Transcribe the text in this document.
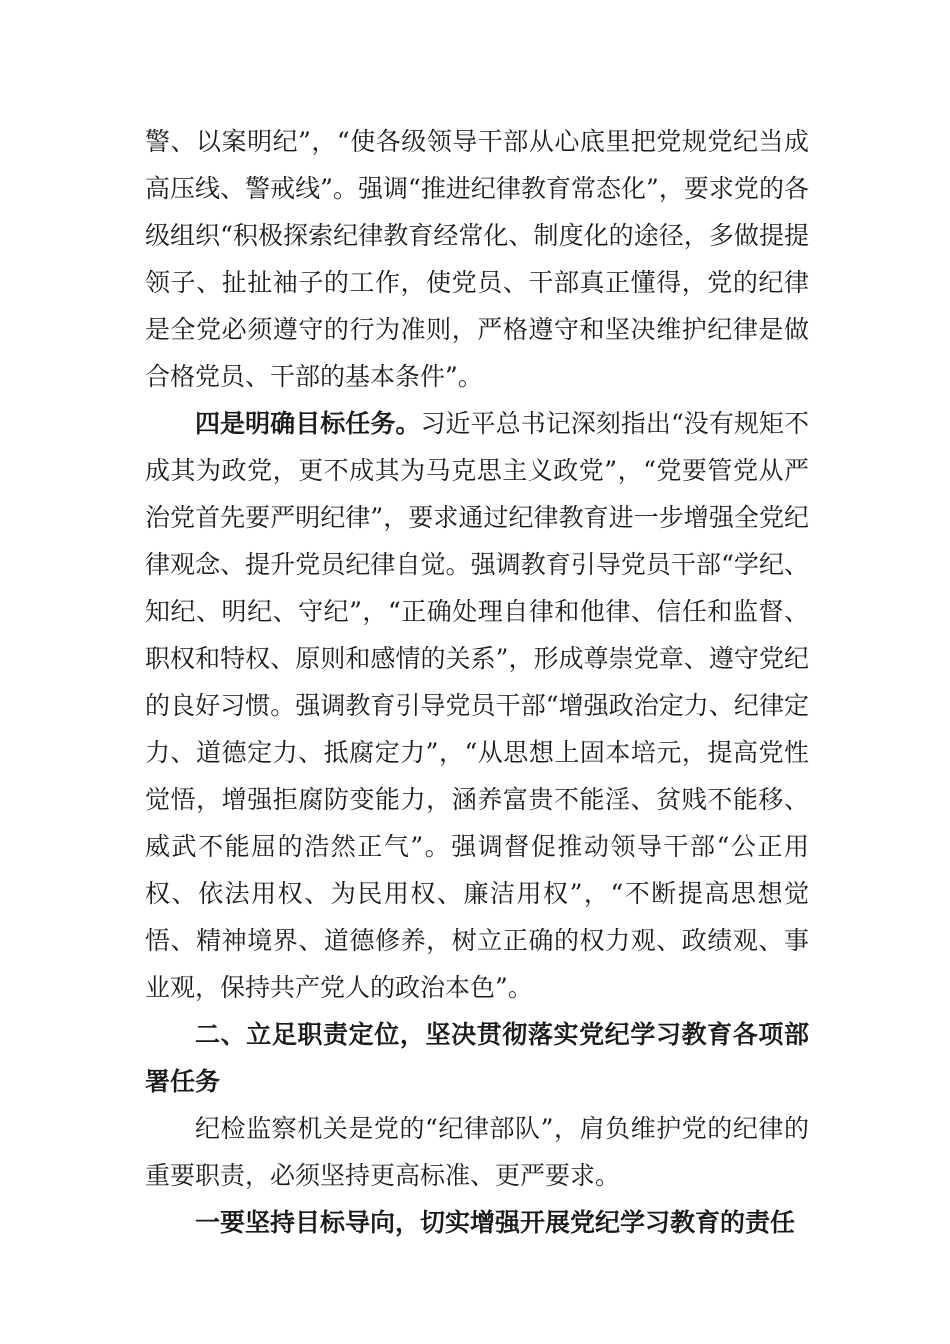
警、以案明纪”，“使各级领导干部从心底里把党规党纪当成高压线、警戒线”。强调“推进纪律教育常态化”，要求党的各级组织“积极探索纪律教育经常化、制度化的途径，多做提提领子、扯扯袖子的工作，使党员、干部真正懂得，党的纪律是全党必须遵守的行为准则，严格遵守和坚决维护纪律是做合格党员、干部的基本条件”。

四是明确目标任务。习近平总书记深刻指出“没有规矩不成其为政党，更不成其为马克思主义政党”，“党要管党从严治党首先要严明纪律”，要求通过纪律教育进一步增强全党纪律观念、提升党员纪律自觉。强调教育引导党员干部“学纪、知纪、明纪、守纪”，“正确处理自律和他律、信任和监督、职权和特权、原则和感情的关系”，形成尊崇党章、遵守党纪的良好习惯。强调教育引导党员干部“增强政治定力、纪律定力、道德定力、抵腐定力”，“从思想上固本培元，提高党性觉悟，增强拒腐防变能力，涵养富贵不能淫、贫贱不能移、威武不能屈的浩然正气”。强调督促推动领导干部“公正用权、依法用权、为民用权、廉洁用权”，“不断提高思想觉悟、精神境界、道德修养，树立正确的权力观、政绩观、事业观，保持共产党人的政治本色”。

二、立足职责定位，坚决贯彻落实党纪学习教育各项部署任务

纪检监察机关是党的“纪律部队”，肩负维护党的纪律的重要职责，必须坚持更高标准、更严要求。

一要坚持目标导向，切实增强开展党纪学习教育的责任
